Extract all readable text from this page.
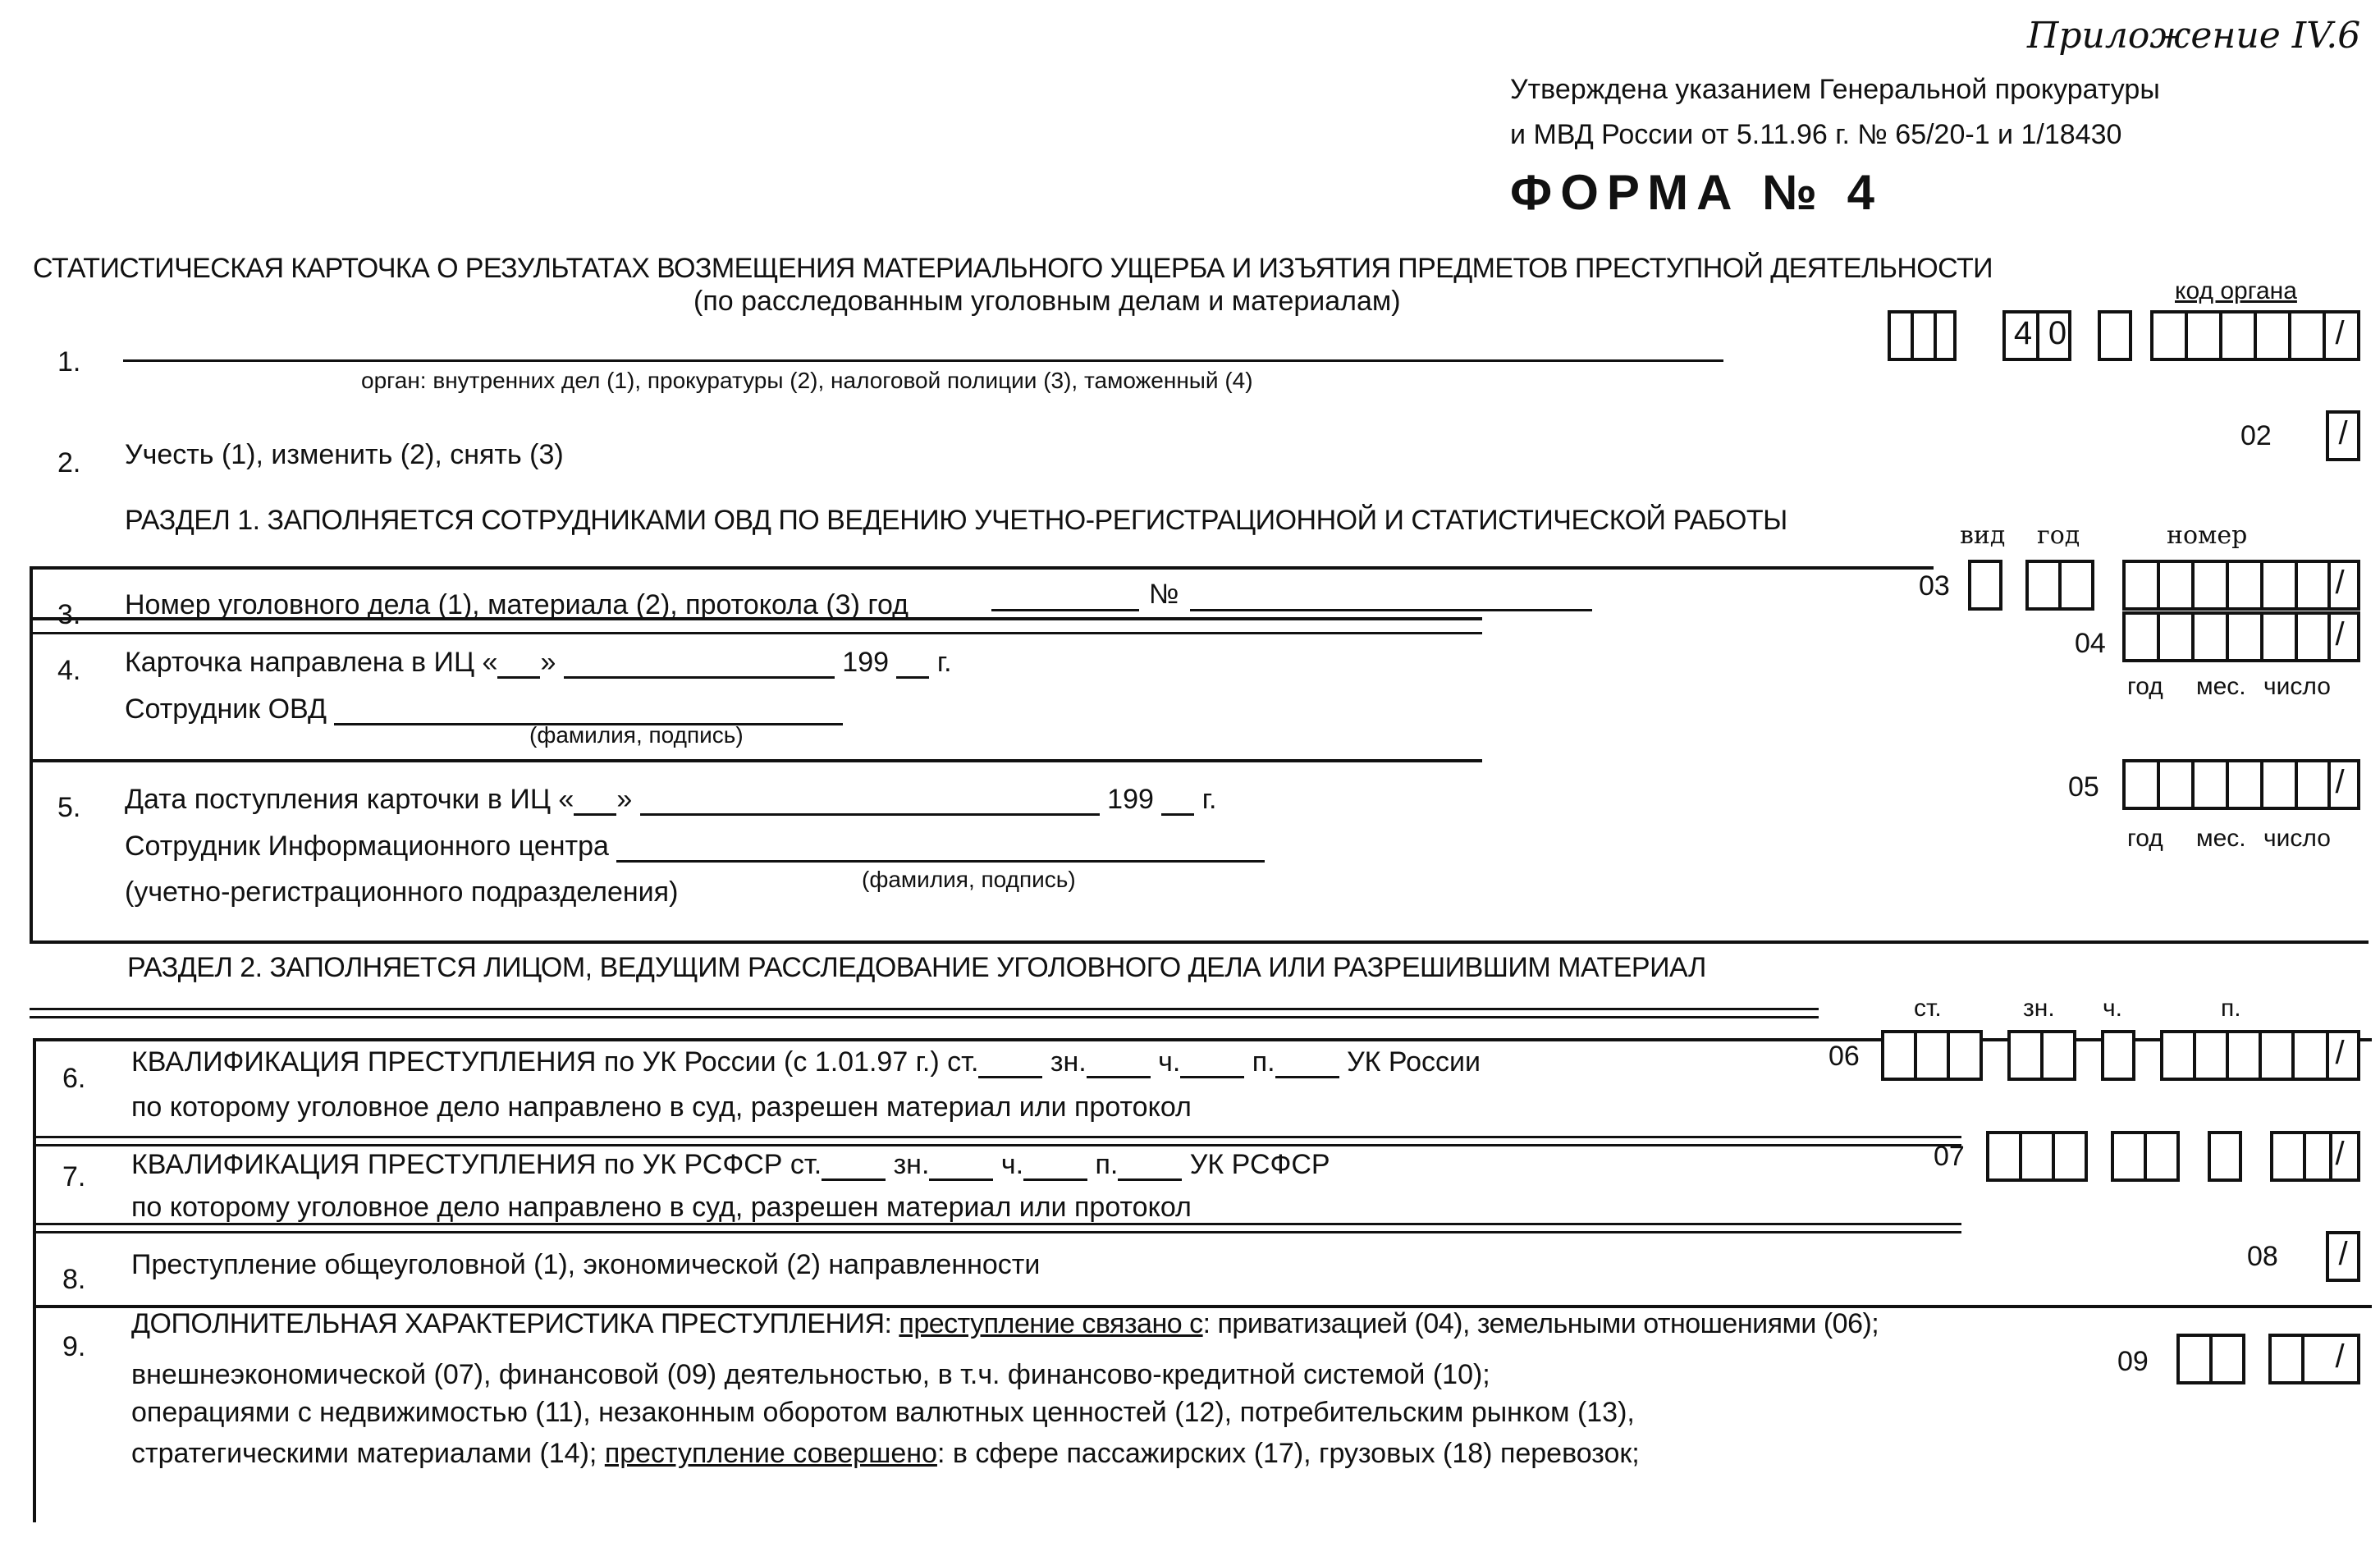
Приложение IV.6
Утверждена указанием Генеральной прокуратуры
и МВД России от 5.11.96 г. № 65/20-1 и 1/18430
ФОРМА № 4
СТАТИСТИЧЕСКАЯ КАРТОЧКА О РЕЗУЛЬТАТАХ ВОЗМЕЩЕНИЯ МАТЕРИАЛЬНОГО УЩЕРБА И ИЗЪЯТИЯ ПРЕДМЕТОВ ПРЕСТУПНОЙ ДЕЯТЕЛЬНОСТИ
(по расследованным уголовным делам и материалам)	код органа
4 0	/
1.
орган: внутренних дел (1), прокуратуры (2), налоговой полиции (3), таможенный (4)
2. Учесть (1), изменить (2), снять (3)
02 /
РАЗДЕЛ 1. ЗАПОЛНЯЕТСЯ СОТРУДНИКАМИ ОВД ПО ВЕДЕНИЮ УЧЕТНО-РЕГИСТРАЦИОННОЙ И СТАТИСТИЧЕСКОЙ РАБОТЫ	вид год	номер
3. Номер уголовного дела (1), материала (2), протокола (3) год	№	03	/
4. Карточка направлена в ИЦ « »	199 г.
Сотрудник ОВД
(фамилия, подпись)
04	/
год мес. число
5. Дата поступления карточки в ИЦ « »	199 г.
Сотрудник Информационного центра
(учетно-регистрационного подразделения)	(фамилия, подпись)
05	/
год мес. число
РАЗДЕЛ 2. ЗАПОЛНЯЕТСЯ ЛИЦОМ, ВЕДУЩИМ РАССЛЕДОВАНИЕ УГОЛОВНОГО ДЕЛА ИЛИ РАЗРЕШИВШИМ МАТЕРИАЛ
ст.	зн. ч.	п.
6.
КВАЛИФИКАЦИЯ ПРЕСТУПЛЕНИЯ по УК России (с 1.01.97 г.) ст.	зн.	ч.	п.	УК России
по которому уголовное дело направлено в суд, разрешен материал или протокол
06	/
7. КВАЛИФИКАЦИЯ ПРЕСТУПЛЕНИЯ по УК РСФСР ст.	зн.	ч.	п.	УК РСФСР
по которому уголовное дело направлено в суд, разрешен материал или протокол
07	/
8. Преступление общеуголовной (1), экономической (2) направленности	08 /
9.
ДОПОЛНИТЕЛЬНАЯ ХАРАКТЕРИСТИКА ПРЕСТУПЛЕНИЯ: преступление связано с: приватизацией (04), земельными отношениями (06);
внешнеэкономической (07), финансовой (09) деятельностью, в т.ч. финансово-кредитной системой (10);
операциями с недвижимостью (11), незаконным оборотом валютных ценностей (12), потребительским рынком (13),
стратегическими материалами (14); преступление совершено: в сфере пассажирских (17), грузовых (18) перевозок;
09	/
